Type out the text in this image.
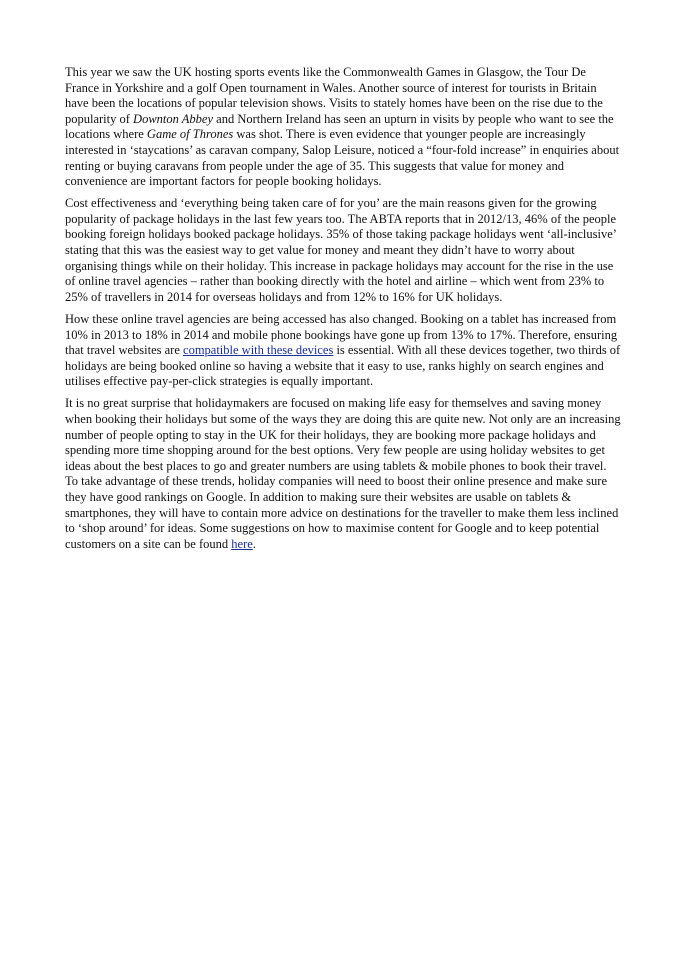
This year we saw the UK hosting sports events like the Commonwealth Games in Glasgow, the Tour De France in Yorkshire and a golf Open tournament in Wales. Another source of interest for tourists in Britain have been the locations of popular television shows. Visits to stately homes have been on the rise due to the popularity of Downton Abbey and Northern Ireland has seen an upturn in visits by people who want to see the locations where Game of Thrones was shot. There is even evidence that younger people are increasingly interested in ‘staycations’ as caravan company, Salop Leisure, noticed a “four-fold increase” in enquiries about renting or buying caravans from people under the age of 35. This suggests that value for money and convenience are important factors for people booking holidays.

Cost effectiveness and ‘everything being taken care of for you’ are the main reasons given for the growing popularity of package holidays in the last few years too. The ABTA reports that in 2012/13, 46% of the people booking foreign holidays booked package holidays. 35% of those taking package holidays went ‘all-inclusive’ stating that this was the easiest way to get value for money and meant they didn’t have to worry about organising things while on their holiday. This increase in package holidays may account for the rise in the use of online travel agencies – rather than booking directly with the hotel and airline – which went from 23% to 25% of travellers in 2014 for overseas holidays and from 12% to 16% for UK holidays.

How these online travel agencies are being accessed has also changed. Booking on a tablet has increased from 10% in 2013 to 18% in 2014 and mobile phone bookings have gone up from 13% to 17%. Therefore, ensuring that travel websites are compatible with these devices is essential. With all these devices together, two thirds of holidays are being booked online so having a website that it easy to use, ranks highly on search engines and utilises effective pay-per-click strategies is equally important.

It is no great surprise that holidaymakers are focused on making life easy for themselves and saving money when booking their holidays but some of the ways they are doing this are quite new. Not only are an increasing number of people opting to stay in the UK for their holidays, they are booking more package holidays and spending more time shopping around for the best options. Very few people are using holiday websites to get ideas about the best places to go and greater numbers are using tablets & mobile phones to book their travel. To take advantage of these trends, holiday companies will need to boost their online presence and make sure they have good rankings on Google. In addition to making sure their websites are usable on tablets & smartphones, they will have to contain more advice on destinations for the traveller to make them less inclined to ‘shop around’ for ideas. Some suggestions on how to maximise content for Google and to keep potential customers on a site can be found here.
